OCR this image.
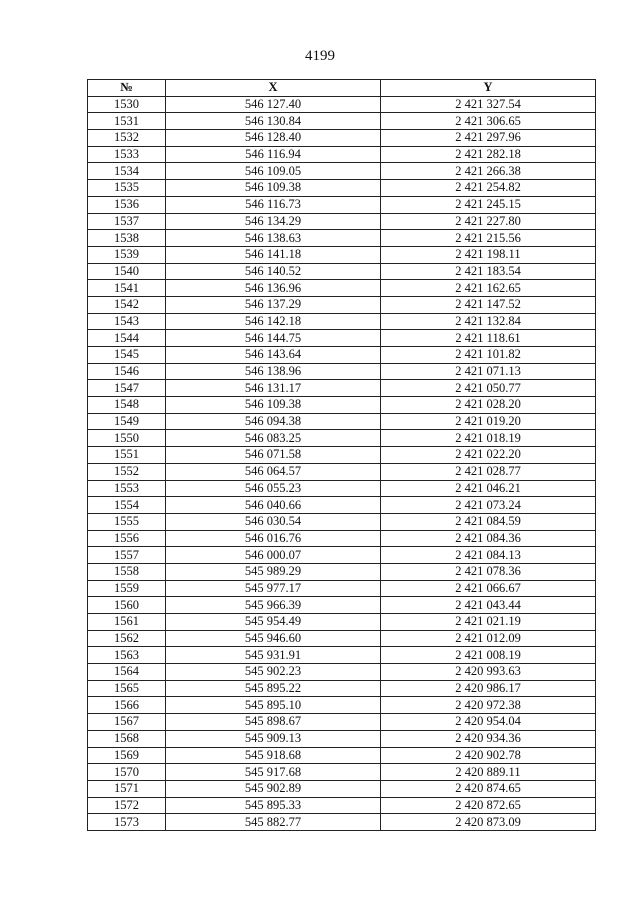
4199
№	X	Y
1530	546 127.40	2 421 327.54
1531	546 130.84	2 421 306.65
1532	546 128.40	2 421 297.96
1533	546 116.94	2 421 282.18
1534	546 109.05	2 421 266.38
1535	546 109.38	2 421 254.82
1536	546 116.73	2 421 245.15
1537	546 134.29	2 421 227.80
1538	546 138.63	2 421 215.56
1539	546 141.18	2 421 198.11
1540	546 140.52	2 421 183.54
1541	546 136.96	2 421 162.65
1542	546 137.29	2 421 147.52
1543	546 142.18	2 421 132.84
1544	546 144.75	2 421 118.61
1545	546 143.64	2 421 101.82
1546	546 138.96	2 421 071.13
1547	546 131.17	2 421 050.77
1548	546 109.38	2 421 028.20
1549	546 094.38	2 421 019.20
1550	546 083.25	2 421 018.19
1551	546 071.58	2 421 022.20
1552	546 064.57	2 421 028.77
1553	546 055.23	2 421 046.21
1554	546 040.66	2 421 073.24
1555	546 030.54	2 421 084.59
1556	546 016.76	2 421 084.36
1557	546 000.07	2 421 084.13
1558	545 989.29	2 421 078.36
1559	545 977.17	2 421 066.67
1560	545 966.39	2 421 043.44
1561	545 954.49	2 421 021.19
1562	545 946.60	2 421 012.09
1563	545 931.91	2 421 008.19
1564	545 902.23	2 420 993.63
1565	545 895.22	2 420 986.17
1566	545 895.10	2 420 972.38
1567	545 898.67	2 420 954.04
1568	545 909.13	2 420 934.36
1569	545 918.68	2 420 902.78
1570	545 917.68	2 420 889.11
1571	545 902.89	2 420 874.65
1572	545 895.33	2 420 872.65
1573	545 882.77	2 420 873.09
